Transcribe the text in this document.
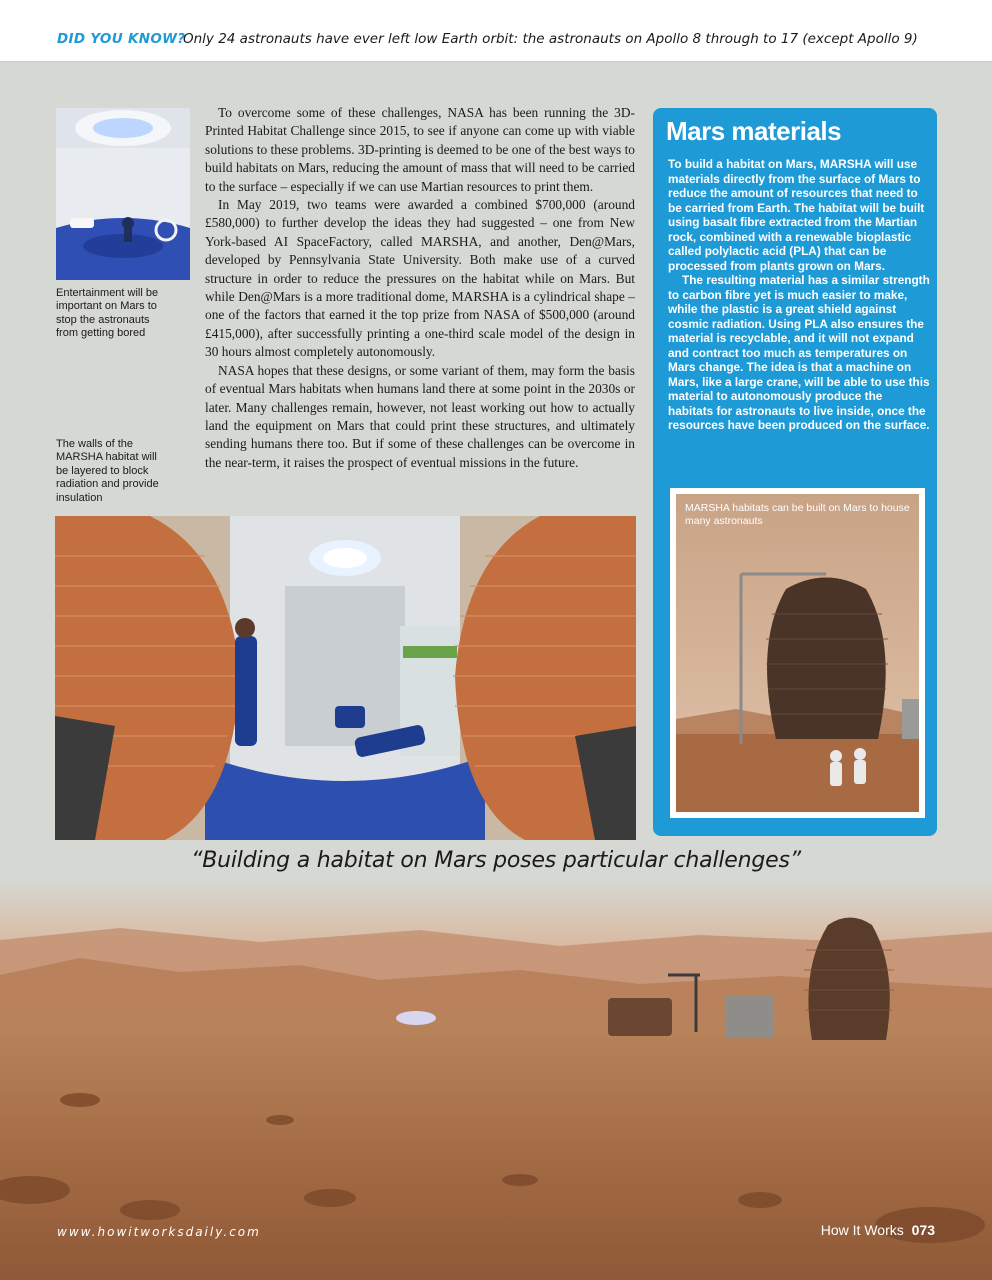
DID YOU KNOW?
Only 24 astronauts have ever left low Earth orbit: the astronauts on Apollo 8 through to 17 (except Apollo 9)
Entertainment will be important on Mars to stop the astronauts from getting bored
The walls of the MARSHA habitat will be layered to block radiation and provide insulation

To overcome some of these challenges, NASA has been running the 3D-Printed Habitat Challenge since 2015, to see if anyone can come up with viable solutions to these problems. 3D-printing is deemed to be one of the best ways to build habitats on Mars, reducing the amount of mass that will need to be carried to the surface – especially if we can use Martian resources to print them.

In May 2019, two teams were awarded a combined $700,000 (around £580,000) to further develop the ideas they had suggested – one from New York-based AI SpaceFactory, called MARSHA, and another, Den@Mars, developed by Pennsylvania State University. Both make use of a curved structure in order to reduce the pressures on the habitat while on Mars. But while Den@Mars is a more traditional dome, MARSHA is a cylindrical shape – one of the factors that earned it the top prize from NASA of $500,000 (around £415,000), after successfully printing a one-third scale model of the design in 30 hours almost completely autonomously.

NASA hopes that these designs, or some variant of them, may form the basis of eventual Mars habitats when humans land there at some point in the 2030s or later. Many challenges remain, however, not least working out how to actually land the equipment on Mars that could print these structures, and ultimately sending humans there too. But if some of these challenges can be overcome in the near-term, it raises the prospect of eventual missions in the future.

Mars materials

To build a habitat on Mars, MARSHA will use materials directly from the surface of Mars to reduce the amount of resources that need to be carried from Earth. The habitat will be built using basalt fibre extracted from the Martian rock, combined with a renewable bioplastic called polylactic acid (PLA) that can be processed from plants grown on Mars.

The resulting material has a similar strength to carbon fibre yet is much easier to make, while the plastic is a great shield against cosmic radiation. Using PLA also ensures the material is recyclable, and it will not expand and contract too much as temperatures on Mars change. The idea is that a machine on Mars, like a large crane, will be able to use this material to autonomously produce the habitats for astronauts to live inside, once the resources have been produced on the surface.

MARSHA habitats can be built on Mars to house many astronauts
“Building a habitat on Mars poses particular challenges”
www.howitworksdaily.com	How It Works 073
